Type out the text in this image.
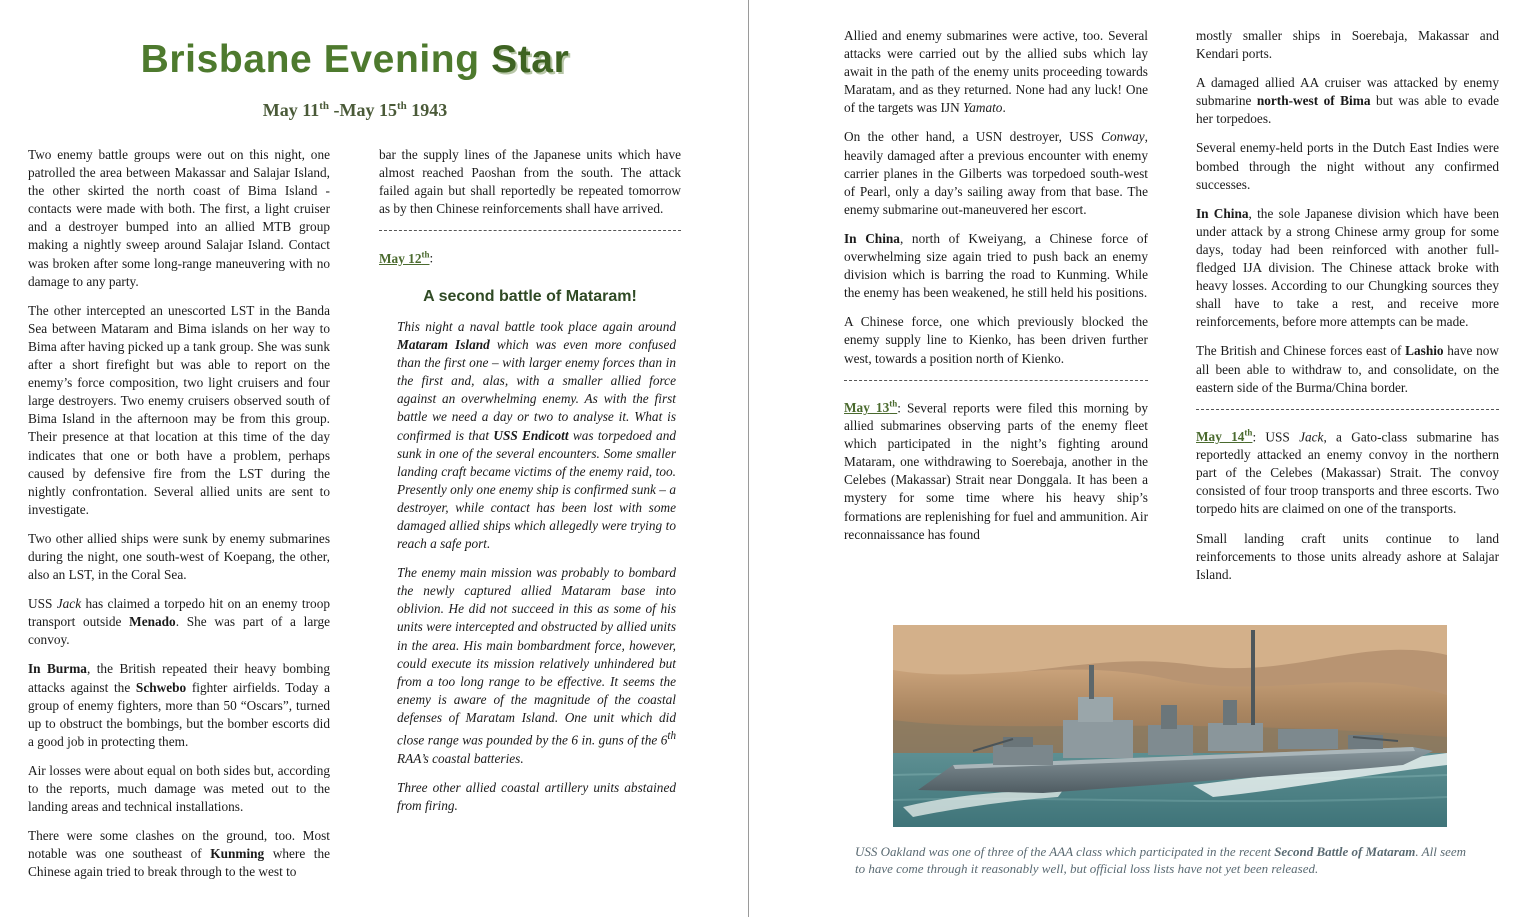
Brisbane Evening Star
May 11th -May 15th 1943

Two enemy battle groups were out on this night, one patrolled the area between Makassar and Salajar Island, the other skirted the north coast of Bima Island - contacts were made with both. The first, a light cruiser and a destroyer bumped into an allied MTB group making a nightly sweep around Salajar Island. Contact was broken after some long-range maneuvering with no damage to any party.

The other intercepted an unescorted LST in the Banda Sea between Mataram and Bima islands on her way to Bima after having picked up a tank group. She was sunk after a short firefight but was able to report on the enemy’s force composition, two light cruisers and four large destroyers. Two enemy cruisers observed south of Bima Island in the afternoon may be from this group. Their presence at that location at this time of the day indicates that one or both have a problem, perhaps caused by defensive fire from the LST during the nightly confrontation. Several allied units are sent to investigate.

Two other allied ships were sunk by enemy submarines during the night, one south-west of Koepang, the other, also an LST, in the Coral Sea.

USS Jack has claimed a torpedo hit on an enemy troop transport outside Menado. She was part of a large convoy.

In Burma, the British repeated their heavy bombing attacks against the Schwebo fighter airfields. Today a group of enemy fighters, more than 50 “Oscars”, turned up to obstruct the bombings, but the bomber escorts did a good job in protecting them.

Air losses were about equal on both sides but, according to the reports, much damage was meted out to the landing areas and technical installations.

There were some clashes on the ground, too. Most notable was one southeast of Kunming where the Chinese again tried to break through to the west to

bar the supply lines of the Japanese units which have almost reached Paoshan from the south. The attack failed again but shall reportedly be repeated tomorrow as by then Chinese reinforcements shall have arrived.

May 12th:

A second battle of Mataram!

This night a naval battle took place again around Mataram Island which was even more confused than the first one – with larger enemy forces than in the first and, alas, with a smaller allied force against an overwhelming enemy. As with the first battle we need a day or two to analyse it. What is confirmed is that USS Endicott was torpedoed and sunk in one of the several encounters. Some smaller landing craft became victims of the enemy raid, too. Presently only one enemy ship is confirmed sunk – a destroyer, while contact has been lost with some damaged allied ships which allegedly were trying to reach a safe port.

The enemy main mission was probably to bombard the newly captured allied Mataram base into oblivion. He did not succeed in this as some of his units were intercepted and obstructed by allied units in the area. His main bombardment force, however, could execute its mission relatively unhindered but from a too long range to be effective. It seems the enemy is aware of the magnitude of the coastal defenses of Maratam Island. One unit which did close range was pounded by the 6 in. guns of the 6th RAA’s coastal batteries.

Three other allied coastal artillery units abstained from firing.

Allied and enemy submarines were active, too. Several attacks were carried out by the allied subs which lay await in the path of the enemy units proceeding towards Maratam, and as they returned. None had any luck! One of the targets was IJN Yamato.

On the other hand, a USN destroyer, USS Conway, heavily damaged after a previous encounter with enemy carrier planes in the Gilberts was torpedoed south-west of Pearl, only a day’s sailing away from that base. The enemy submarine out-maneuvered her escort.

In China, north of Kweiyang, a Chinese force of overwhelming size again tried to push back an enemy division which is barring the road to Kunming. While the enemy has been weakened, he still held his positions.

A Chinese force, one which previously blocked the enemy supply line to Kienko, has been driven further west, towards a position north of Kienko.

May 13th: Several reports were filed this morning by allied submarines observing parts of the enemy fleet which participated in the night’s fighting around Mataram, one withdrawing to Soerebaja, another in the Celebes (Makassar) Strait near Donggala. It has been a mystery for some time where his heavy ship’s formations are replenishing for fuel and ammunition. Air reconnaissance has found

mostly smaller ships in Soerebaja, Makassar and Kendari ports.

A damaged allied AA cruiser was attacked by enemy submarine north-west of Bima but was able to evade her torpedoes.

Several enemy-held ports in the Dutch East Indies were bombed through the night without any confirmed successes.

In China, the sole Japanese division which have been under attack by a strong Chinese army group for some days, today had been reinforced with another full-fledged IJA division. The Chinese attack broke with heavy losses. According to our Chungking sources they shall have to take a rest, and receive more reinforcements, before more attempts can be made.

The British and Chinese forces east of Lashio have now all been able to withdraw to, and consolidate, on the eastern side of the Burma/China border.

May 14th: USS Jack, a Gato-class submarine has reportedly attacked an enemy convoy in the northern part of the Celebes (Makassar) Strait. The convoy consisted of four troop transports and three escorts. Two torpedo hits are claimed on one of the transports.

Small landing craft units continue to land reinforcements to those units already ashore at Salajar Island.

USS Oakland was one of three of the AAA class which participated in the recent Second Battle of Mataram. All seem to have come through it reasonably well, but official loss lists have not yet been released.
